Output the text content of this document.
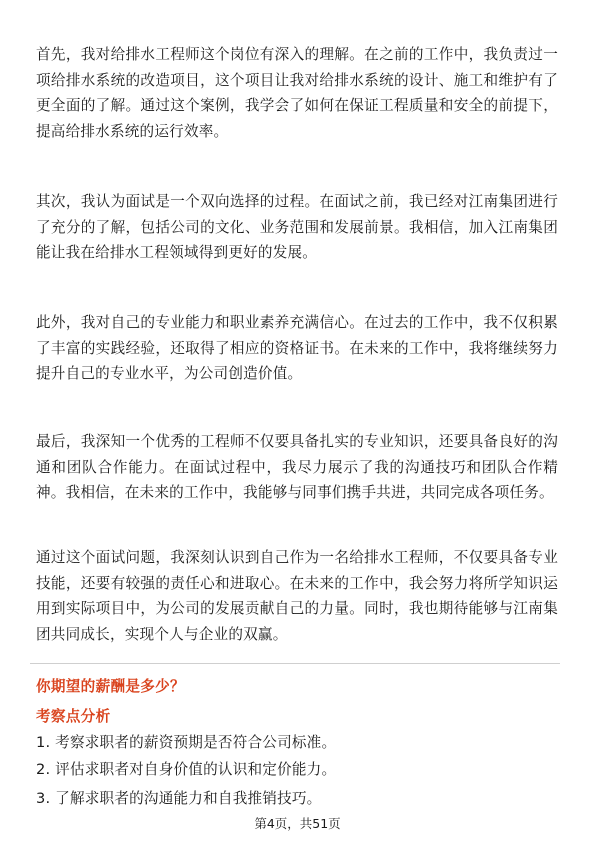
首先，我对给排水工程师这个岗位有深入的理解。在之前的工作中，我负责过一项给排水系统的改造项目，这个项目让我对给排水系统的设计、施工和维护有了更全面的了解。通过这个案例，我学会了如何在保证工程质量和安全的前提下，提高给排水系统的运行效率。

其次，我认为面试是一个双向选择的过程。在面试之前，我已经对江南集团进行了充分的了解，包括公司的文化、业务范围和发展前景。我相信，加入江南集团能让我在给排水工程领域得到更好的发展。

此外，我对自己的专业能力和职业素养充满信心。在过去的工作中，我不仅积累了丰富的实践经验，还取得了相应的资格证书。在未来的工作中，我将继续努力提升自己的专业水平，为公司创造价值。

最后，我深知一个优秀的工程师不仅要具备扎实的专业知识，还要具备良好的沟通和团队合作能力。在面试过程中，我尽力展示了我的沟通技巧和团队合作精神。我相信，在未来的工作中，我能够与同事们携手共进，共同完成各项任务。

通过这个面试问题，我深刻认识到自己作为一名给排水工程师，不仅要具备专业技能，还要有较强的责任心和进取心。在未来的工作中，我会努力将所学知识运用到实际项目中，为公司的发展贡献自己的力量。同时，我也期待能够与江南集团共同成长，实现个人与企业的双赢。

你期望的薪酬是多少？
考察点分析
1. 考察求职者的薪资预期是否符合公司标准。
2. 评估求职者对自身价值的认识和定价能力。
3. 了解求职者的沟通能力和自我推销技巧。
第4页，共51页
